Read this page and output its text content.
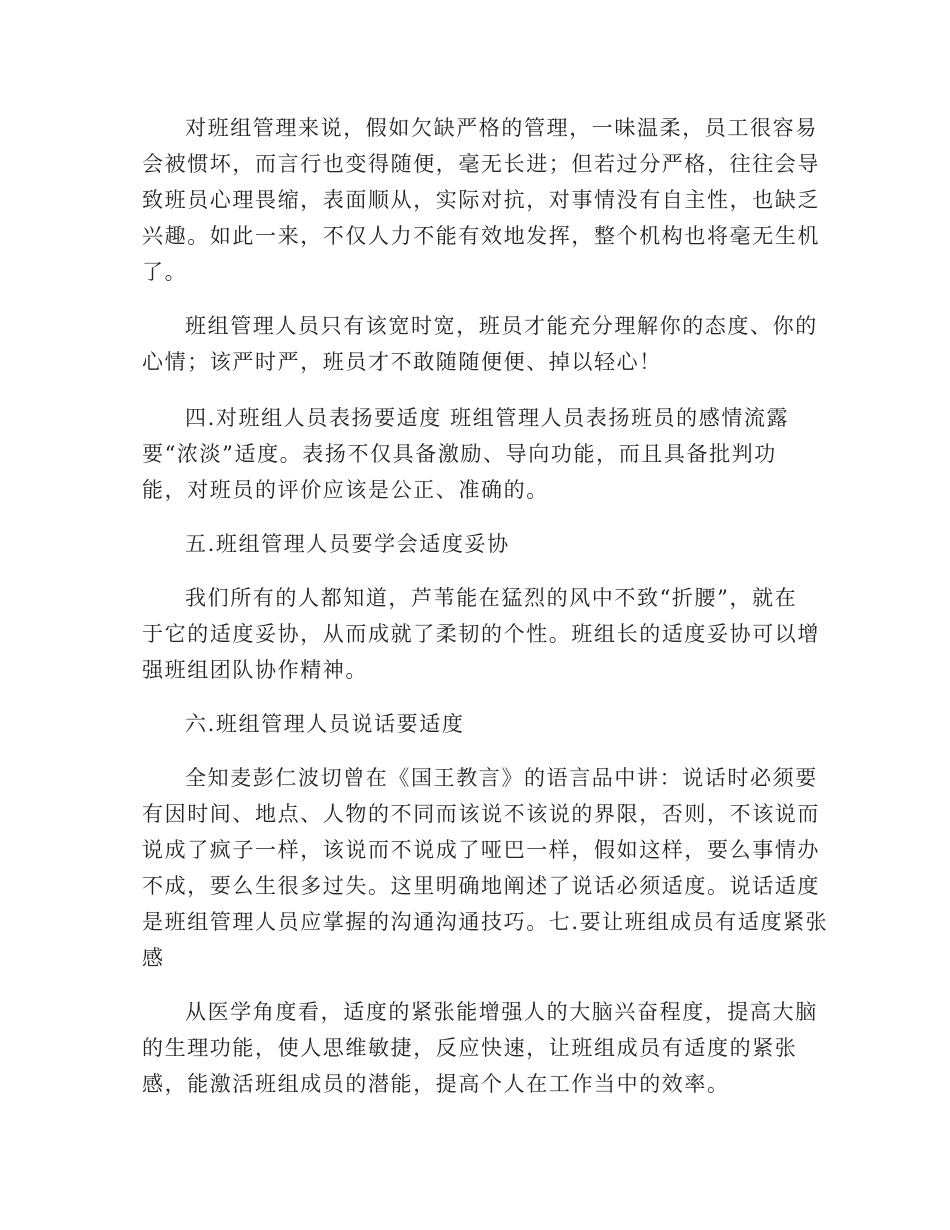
对班组管理来说，假如欠缺严格的管理，一味温柔，员工很容易
会被惯坏，而言行也变得随便，毫无长进；但若过分严格，往往会导
致班员心理畏缩，表面顺从，实际对抗，对事情没有自主性，也缺乏
兴趣。如此一来，不仅人力不能有效地发挥，整个机构也将毫无生机
了。
班组管理人员只有该宽时宽，班员才能充分理解你的态度、你的
心情；该严时严，班员才不敢随随便便、掉以轻心！
四.对班组人员表扬要适度 班组管理人员表扬班员的感情流露
要“浓淡”适度。表扬不仅具备激励、导向功能，而且具备批判功
能，对班员的评价应该是公正、准确的。
五.班组管理人员要学会适度妥协
我们所有的人都知道，芦苇能在猛烈的风中不致“折腰”，就在
于它的适度妥协，从而成就了柔韧的个性。班组长的适度妥协可以增
强班组团队协作精神。
六.班组管理人员说话要适度
全知麦彭仁波切曾在《国王教言》的语言品中讲：说话时必须要
有因时间、地点、人物的不同而该说不该说的界限，否则，不该说而
说成了疯子一样，该说而不说成了哑巴一样，假如这样，要么事情办
不成，要么生很多过失。这里明确地阐述了说话必须适度。说话适度
是班组管理人员应掌握的沟通沟通技巧。七.要让班组成员有适度紧张
感
从医学角度看，适度的紧张能增强人的大脑兴奋程度，提高大脑
的生理功能，使人思维敏捷，反应快速，让班组成员有适度的紧张
感，能激活班组成员的潜能，提高个人在工作当中的效率。
